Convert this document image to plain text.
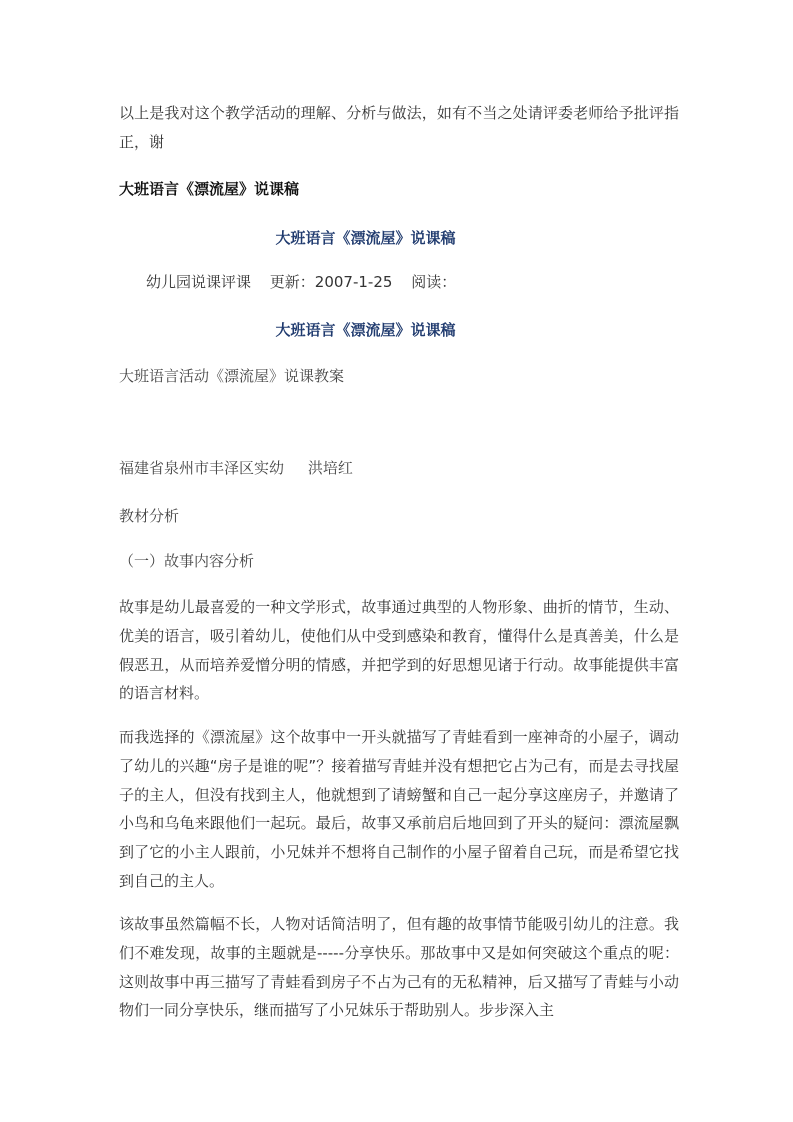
以上是我对这个教学活动的理解、分析与做法，如有不当之处请评委老师给予批评指正，谢
大班语言《漂流屋》说课稿
大班语言《漂流屋》说课稿
幼儿园说课评课 更新：2007-1-25 阅读：
大班语言《漂流屋》说课稿
大班语言活动《漂流屋》说课教案
福建省泉州市丰泽区实幼     洪培红
教材分析
（一）故事内容分析
故事是幼儿最喜爱的一种文学形式，故事通过典型的人物形象、曲折的情节，生动、优美的语言，吸引着幼儿，使他们从中受到感染和教育，懂得什么是真善美，什么是假恶丑，从而培养爱憎分明的情感，并把学到的好思想见诸于行动。故事能提供丰富的语言材料。
而我选择的《漂流屋》这个故事中一开头就描写了青蛙看到一座神奇的小屋子，调动了幼儿的兴趣“房子是谁的呢”？接着描写青蛙并没有想把它占为己有，而是去寻找屋子的主人，但没有找到主人，他就想到了请螃蟹和自己一起分享这座房子，并邀请了小鸟和乌龟来跟他们一起玩。最后，故事又承前启后地回到了开头的疑问：漂流屋飘到了它的小主人跟前，小兄妹并不想将自己制作的小屋子留着自己玩，而是希望它找到自己的主人。
该故事虽然篇幅不长，人物对话简洁明了，但有趣的故事情节能吸引幼儿的注意。我们不难发现，故事的主题就是-----分享快乐。那故事中又是如何突破这个重点的呢：这则故事中再三描写了青蛙看到房子不占为己有的无私精神，后又描写了青蛙与小动物们一同分享快乐，继而描写了小兄妹乐于帮助别人。步步深入主
